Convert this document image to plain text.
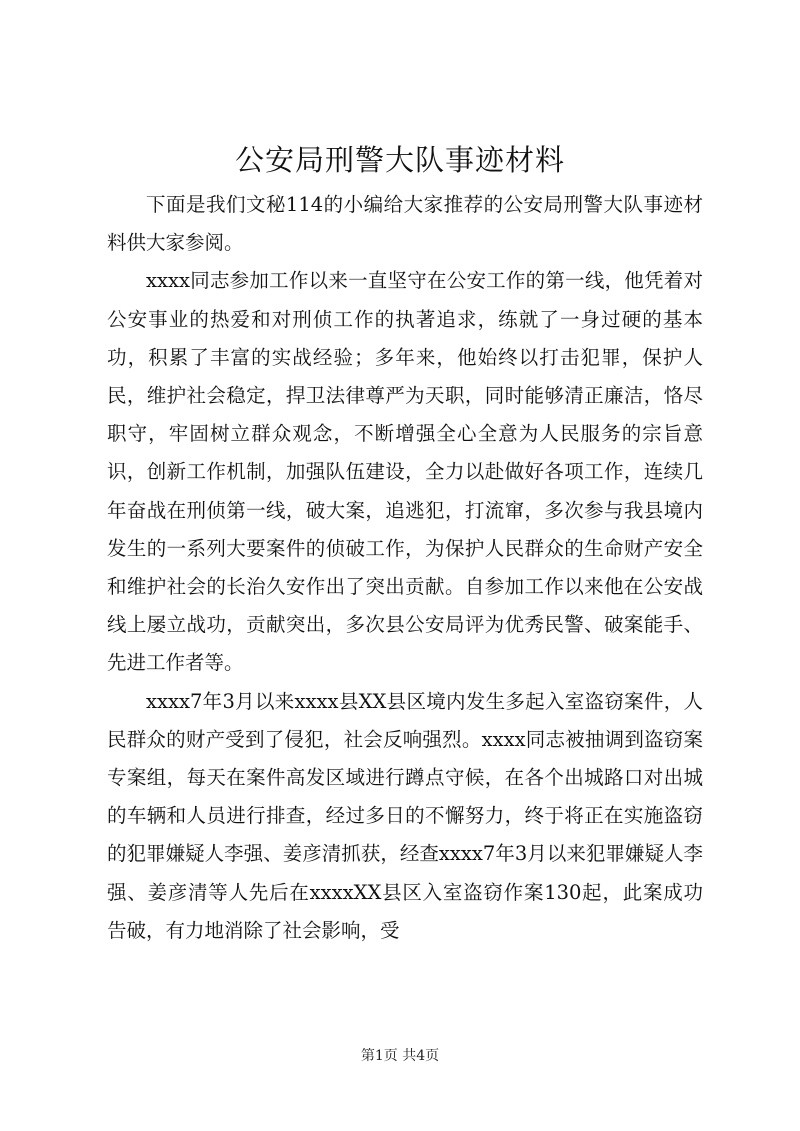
公安局刑警大队事迹材料

下面是我们文秘114的小编给大家推荐的公安局刑警大队事迹材料供大家参阅。

xxxx同志参加工作以来一直坚守在公安工作的第一线，他凭着对公安事业的热爱和对刑侦工作的执著追求，练就了一身过硬的基本功，积累了丰富的实战经验；多年来，他始终以打击犯罪，保护人民，维护社会稳定，捍卫法律尊严为天职，同时能够清正廉洁，恪尽职守，牢固树立群众观念，不断增强全心全意为人民服务的宗旨意识，创新工作机制，加强队伍建设，全力以赴做好各项工作，连续几年奋战在刑侦第一线，破大案，追逃犯，打流窜，多次参与我县境内发生的一系列大要案件的侦破工作，为保护人民群众的生命财产安全和维护社会的长治久安作出了突出贡献。自参加工作以来他在公安战线上屡立战功，贡献突出，多次县公安局评为优秀民警、破案能手、先进工作者等。

xxxx7年3月以来xxxx县XX县区境内发生多起入室盗窃案件，人民群众的财产受到了侵犯，社会反响强烈。xxxx同志被抽调到盗窃案专案组，每天在案件高发区域进行蹲点守候，在各个出城路口对出城的车辆和人员进行排查，经过多日的不懈努力，终于将正在实施盗窃的犯罪嫌疑人李强、姜彦清抓获，经查xxxx7年3月以来犯罪嫌疑人李强、姜彦清等人先后在xxxxXX县区入室盗窃作案130起，此案成功告破，有力地消除了社会影响，受

第1页 共4页
